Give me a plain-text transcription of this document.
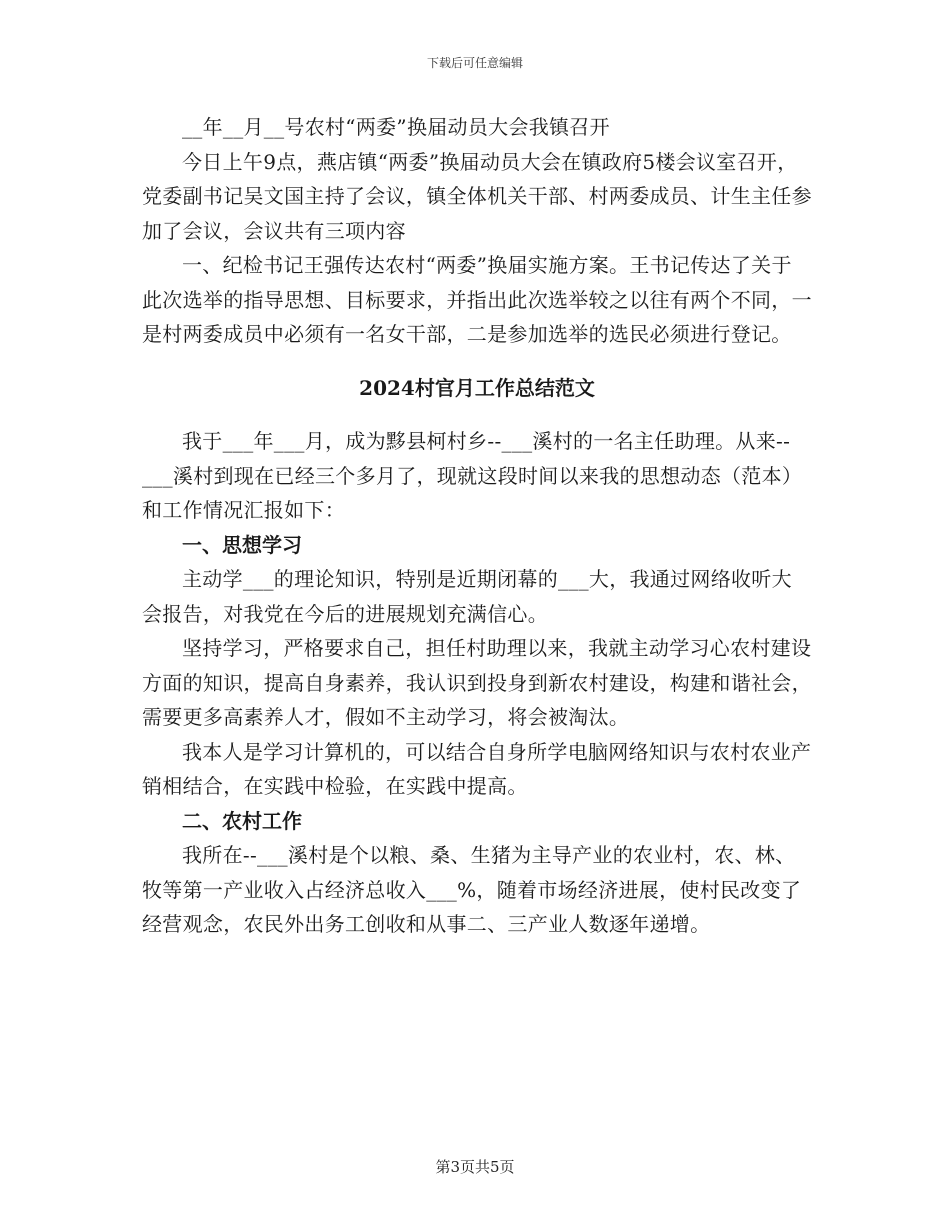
下载后可任意编辑

__年__月__号农村“两委”换届动员大会我镇召开

今日上午9点，燕店镇“两委”换届动员大会在镇政府5楼会议室召开，党委副书记吴文国主持了会议，镇全体机关干部、村两委成员、计生主任参加了会议，会议共有三项内容

一、纪检书记王强传达农村“两委”换届实施方案。王书记传达了关于此次选举的指导思想、目标要求，并指出此次选举较之以往有两个不同，一是村两委成员中必须有一名女干部，二是参加选举的选民必须进行登记。

2024村官月工作总结范文

我于___年___月，成为黟县柯村乡--___溪村的一名主任助理。从来--___溪村到现在已经三个多月了，现就这段时间以来我的思想动态（范本）和工作情况汇报如下：

一、思想学习

主动学___的理论知识，特别是近期闭幕的___大，我通过网络收听大会报告，对我党在今后的进展规划充满信心。

坚持学习，严格要求自己，担任村助理以来，我就主动学习心农村建设方面的知识，提高自身素养，我认识到投身到新农村建设，构建和谐社会，需要更多高素养人才，假如不主动学习，将会被淘汰。

我本人是学习计算机的，可以结合自身所学电脑网络知识与农村农业产销相结合，在实践中检验，在实践中提高。

二、农村工作

我所在--___溪村是个以粮、桑、生猪为主导产业的农业村，农、林、牧等第一产业收入占经济总收入___%，随着市场经济进展，使村民改变了经营观念，农民外出务工创收和从事二、三产业人数逐年递增。

第3页共5页
